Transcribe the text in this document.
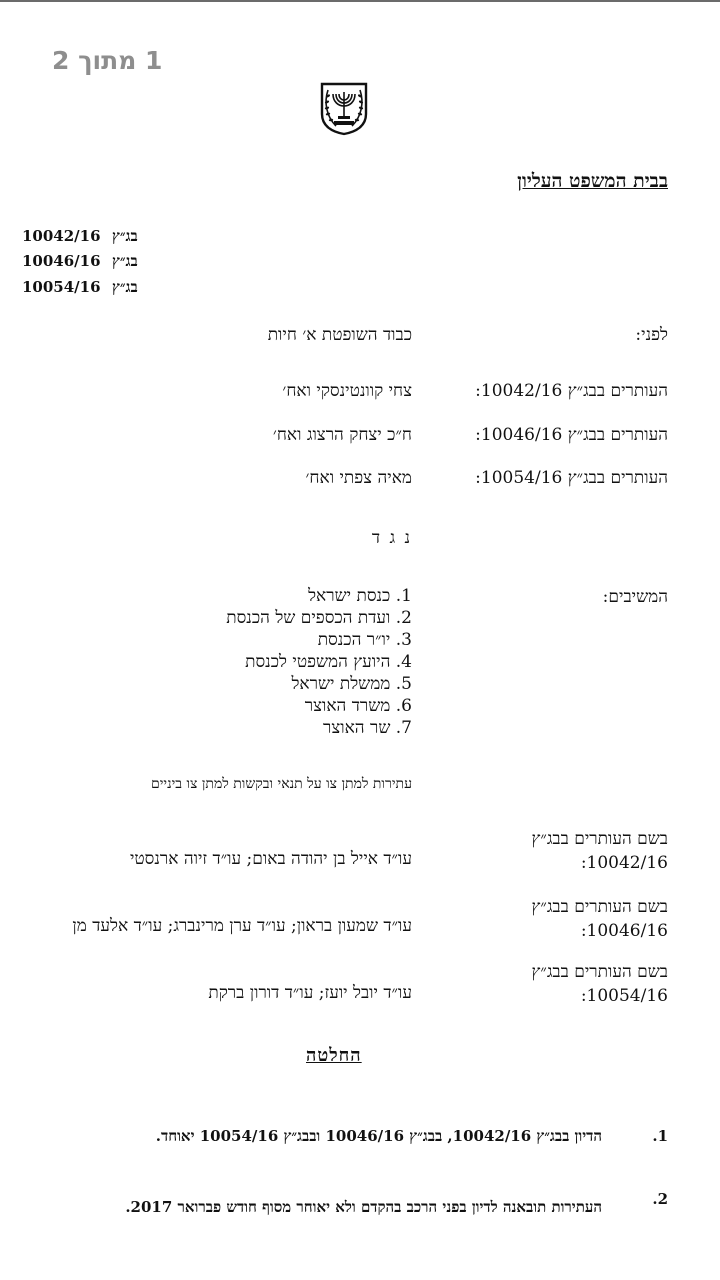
1 מתוך 2
בבית המשפט העליון
10042/16 בג״ץ
10046/16 בג״ץ
10054/16 בג״ץ
לפני:
כבוד השופטת א׳ חיות
העותרים בבג״ץ 10042/16:
צחי קוונטינסקי ואח׳
העותרים בבג״ץ 10046/16:
ח״כ יצחק הרצוג ואח׳
העותרים בבג״ץ 10054/16:
מאיה צפתי ואח׳
נ ג ד
המשיבים:
1. כנסת ישראל
2. ועדת הכספים של הכנסת
3. יו״ר הכנסת
4. היועץ המשפטי לכנסת
5. ממשלת ישראל
6. משרד האוצר
7. שר האוצר
עתירות למתן צו על תנאי ובקשות למתן צו ביניים
בשם העותרים בבג״ץ 10042/16:
עו״ד אייל בן יהודה באום; עו״ד זיוה ארנסטי
בשם העותרים בבג״ץ 10046/16:
עו״ד שמעון בראון; עו״ד ערן מרינברג; עו״ד אלעד מן
בשם העותרים בבג״ץ 10054/16:
עו״ד יובל יועז; עו״ד דורון ברקת
החלטה
1.
הדיון בבג״ץ 10042/16, בבג״ץ 10046/16 ובבג״ץ 10054/16 יאוחד.
2.
העתירות תובאנה לדיון בפני הרכב בהקדם ולא יאוחר מסוף חודש פברואר 2017.
